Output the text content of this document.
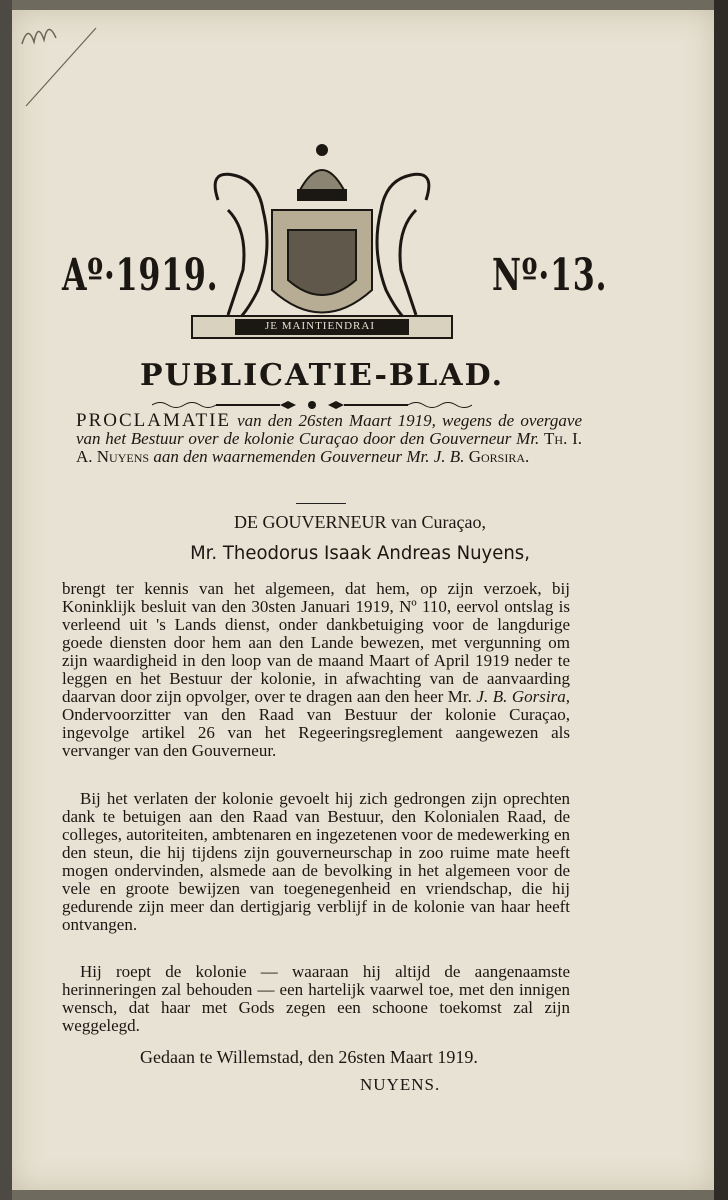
Aº·1919.	Nº·13.
JE MAINTIENDRAI
PUBLICATIE-BLAD.
PROCLAMATIE van den 26sten Maart 1919, wegens de overgave van het Bestuur over de kolonie Curaçao door den Gouverneur Mr. Th. I. A. Nuyens aan den waarnemenden Gouverneur Mr. J. B. Gorsira.
DE GOUVERNEUR van Curaçao,
Mr. Theodorus Isaak Andreas Nuyens,
brengt ter kennis van het algemeen, dat hem, op zijn verzoek, bij Koninklijk besluit van den 30sten Januari 1919, Nº 110, eervol ontslag is verleend uit 's Lands dienst, onder dankbetuiging voor de langdurige goede diensten door hem aan den Lande bewezen, met vergunning om zijn waardigheid in den loop van de maand Maart of April 1919 neder te leggen en het Bestuur der kolonie, in afwachting van de aanvaarding daarvan door zijn opvolger, over te dragen aan den heer Mr. J. B. Gorsira, Ondervoorzitter van den Raad van Bestuur der kolonie Curaçao, ingevolge artikel 26 van het Regeeringsreglement aangewezen als vervanger van den Gouverneur.
Bij het verlaten der kolonie gevoelt hij zich gedrongen zijn oprechten dank te betuigen aan den Raad van Bestuur, den Kolonialen Raad, de colleges, autoriteiten, ambtenaren en ingezetenen voor de medewerking en den steun, die hij tijdens zijn gouverneurschap in zoo ruime mate heeft mogen ondervinden, alsmede aan de bevolking in het algemeen voor de vele en groote bewijzen van toegenegenheid en vriendschap, die hij gedurende zijn meer dan dertigjarig verblijf in de kolonie van haar heeft ontvangen.
Hij roept de kolonie — waaraan hij altijd de aangenaamste herinneringen zal behouden — een hartelijk vaarwel toe, met den innigen wensch, dat haar met Gods zegen een schoone toekomst zal zijn weggelegd.
Gedaan te Willemstad, den 26sten Maart 1919.
NUYENS.
